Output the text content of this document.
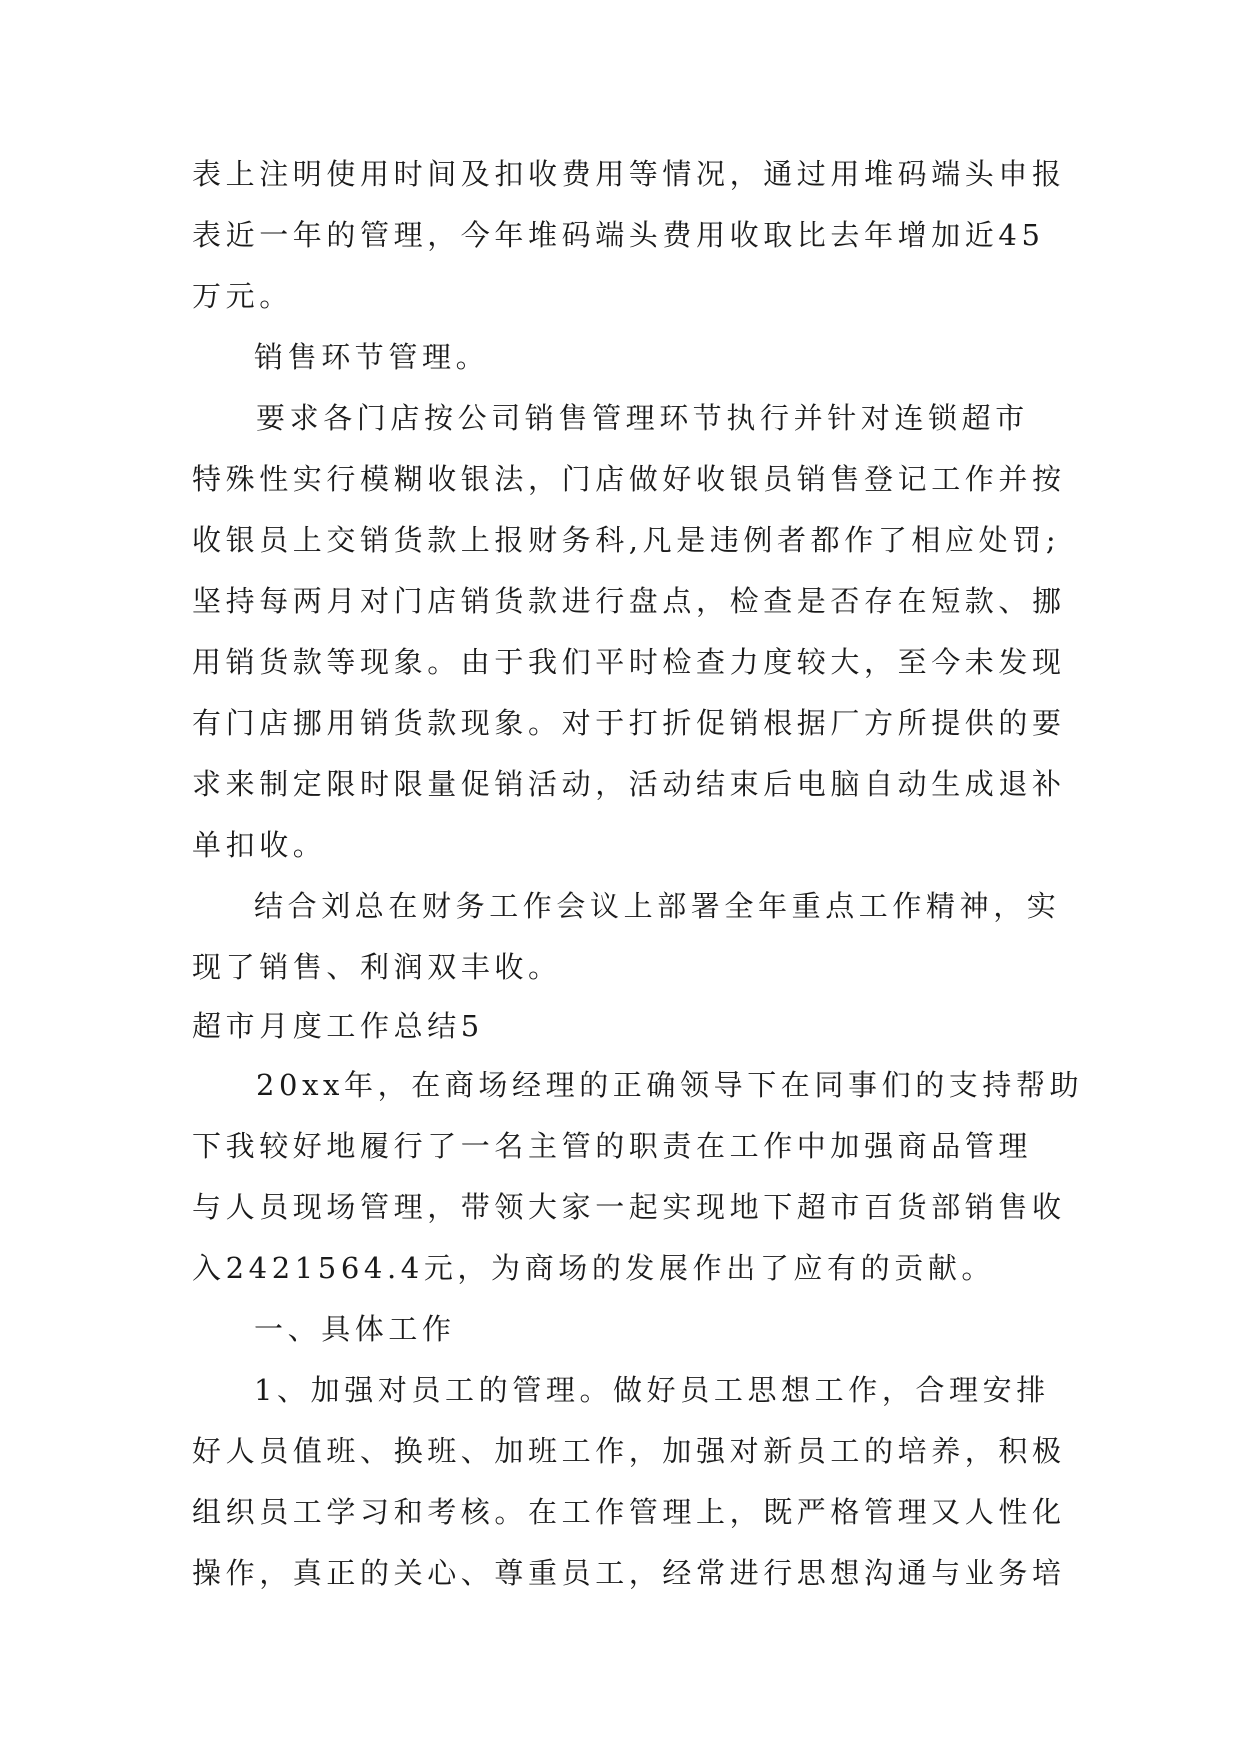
表上注明使用时间及扣收费用等情况，通过用堆码端头申报
表近一年的管理，今年堆码端头费用收取比去年增加近45
万元。
销售环节管理。
要求各门店按公司销售管理环节执行并针对连锁超市
特殊性实行模糊收银法，门店做好收银员销售登记工作并按
收银员上交销货款上报财务科,凡是违例者都作了相应处罚;
坚持每两月对门店销货款进行盘点，检查是否存在短款、挪
用销货款等现象。由于我们平时检查力度较大，至今未发现
有门店挪用销货款现象。对于打折促销根据厂方所提供的要
求来制定限时限量促销活动，活动结束后电脑自动生成退补
单扣收。
结合刘总在财务工作会议上部署全年重点工作精神，实
现了销售、利润双丰收。
超市月度工作总结5
20xx年，在商场经理的正确领导下在同事们的支持帮助
下我较好地履行了一名主管的职责在工作中加强商品管理
与人员现场管理，带领大家一起实现地下超市百货部销售收
入2421564.4元，为商场的发展作出了应有的贡献。
一、具体工作
1、加强对员工的管理。做好员工思想工作，合理安排
好人员值班、换班、加班工作，加强对新员工的培养，积极
组织员工学习和考核。在工作管理上，既严格管理又人性化
操作，真正的关心、尊重员工，经常进行思想沟通与业务培
